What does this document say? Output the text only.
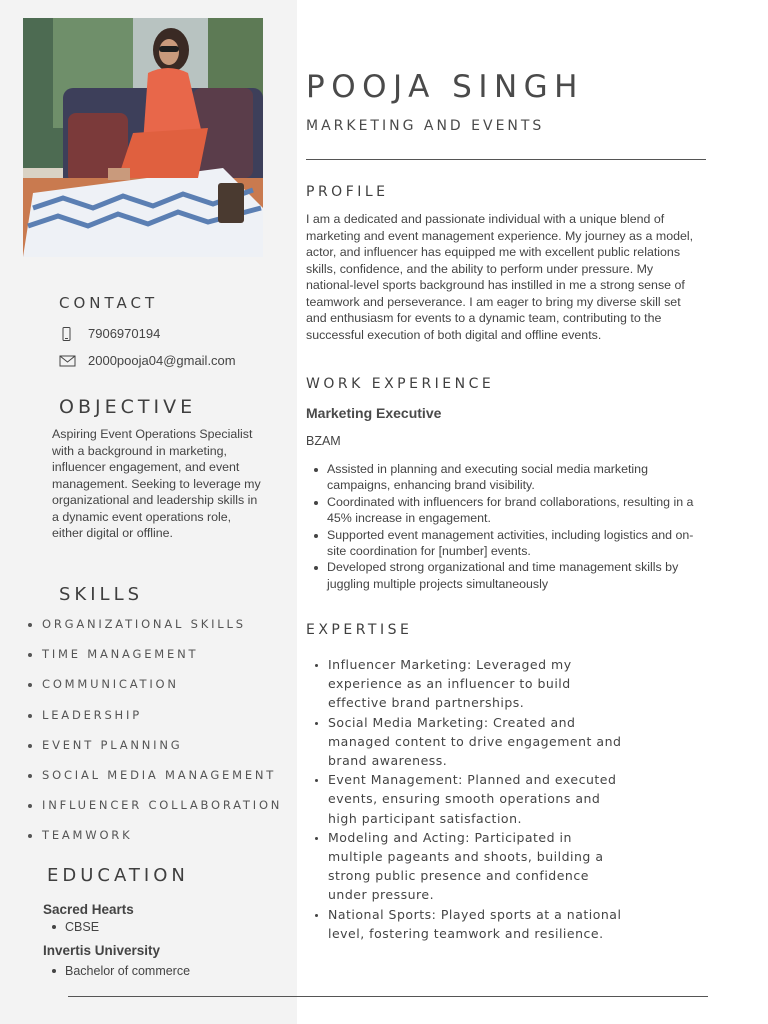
CONTACT
7906970194
2000pooja04@gmail.com
OBJECTIVE

Aspiring Event Operations Specialist with a background in marketing, influencer engagement, and event management. Seeking to leverage my organizational and leadership skills in a dynamic event operations role, either digital or offline.

SKILLS
ORGANIZATIONAL SKILLS
TIME MANAGEMENT
COMMUNICATION
LEADERSHIP
EVENT PLANNING
SOCIAL MEDIA MANAGEMENT
INFLUENCER COLLABORATION
TEAMWORK
EDUCATION

Sacred Hearts

CBSE

Invertis University

Bachelor of commerce
POOJA SINGH

MARKETING AND EVENTS

PROFILE

I am a dedicated and passionate individual with a unique blend of marketing and event management experience. My journey as a model, actor, and influencer has equipped me with excellent public relations skills, confidence, and the ability to perform under pressure. My national-level sports background has instilled in me a strong sense of teamwork and perseverance. I am eager to bring my diverse skill set and enthusiasm for events to a dynamic team, contributing to the successful execution of both digital and offline events.

WORK EXPERIENCE

Marketing Executive

BZAM

Assisted in planning and executing social media marketing campaigns, enhancing brand visibility.
Coordinated with influencers for brand collaborations, resulting in a 45% increase in engagement.
Supported event management activities, including logistics and on-site coordination for [number] events.
Developed strong organizational and time management skills by juggling multiple projects simultaneously
EXPERTISE
Influencer Marketing: Leveraged my experience as an influencer to build effective brand partnerships.
Social Media Marketing: Created and managed content to drive engagement and brand awareness.
Event Management: Planned and executed events, ensuring smooth operations and high participant satisfaction.
Modeling and Acting: Participated in multiple pageants and shoots, building a strong public presence and confidence under pressure.
National Sports: Played sports at a national level, fostering teamwork and resilience.
